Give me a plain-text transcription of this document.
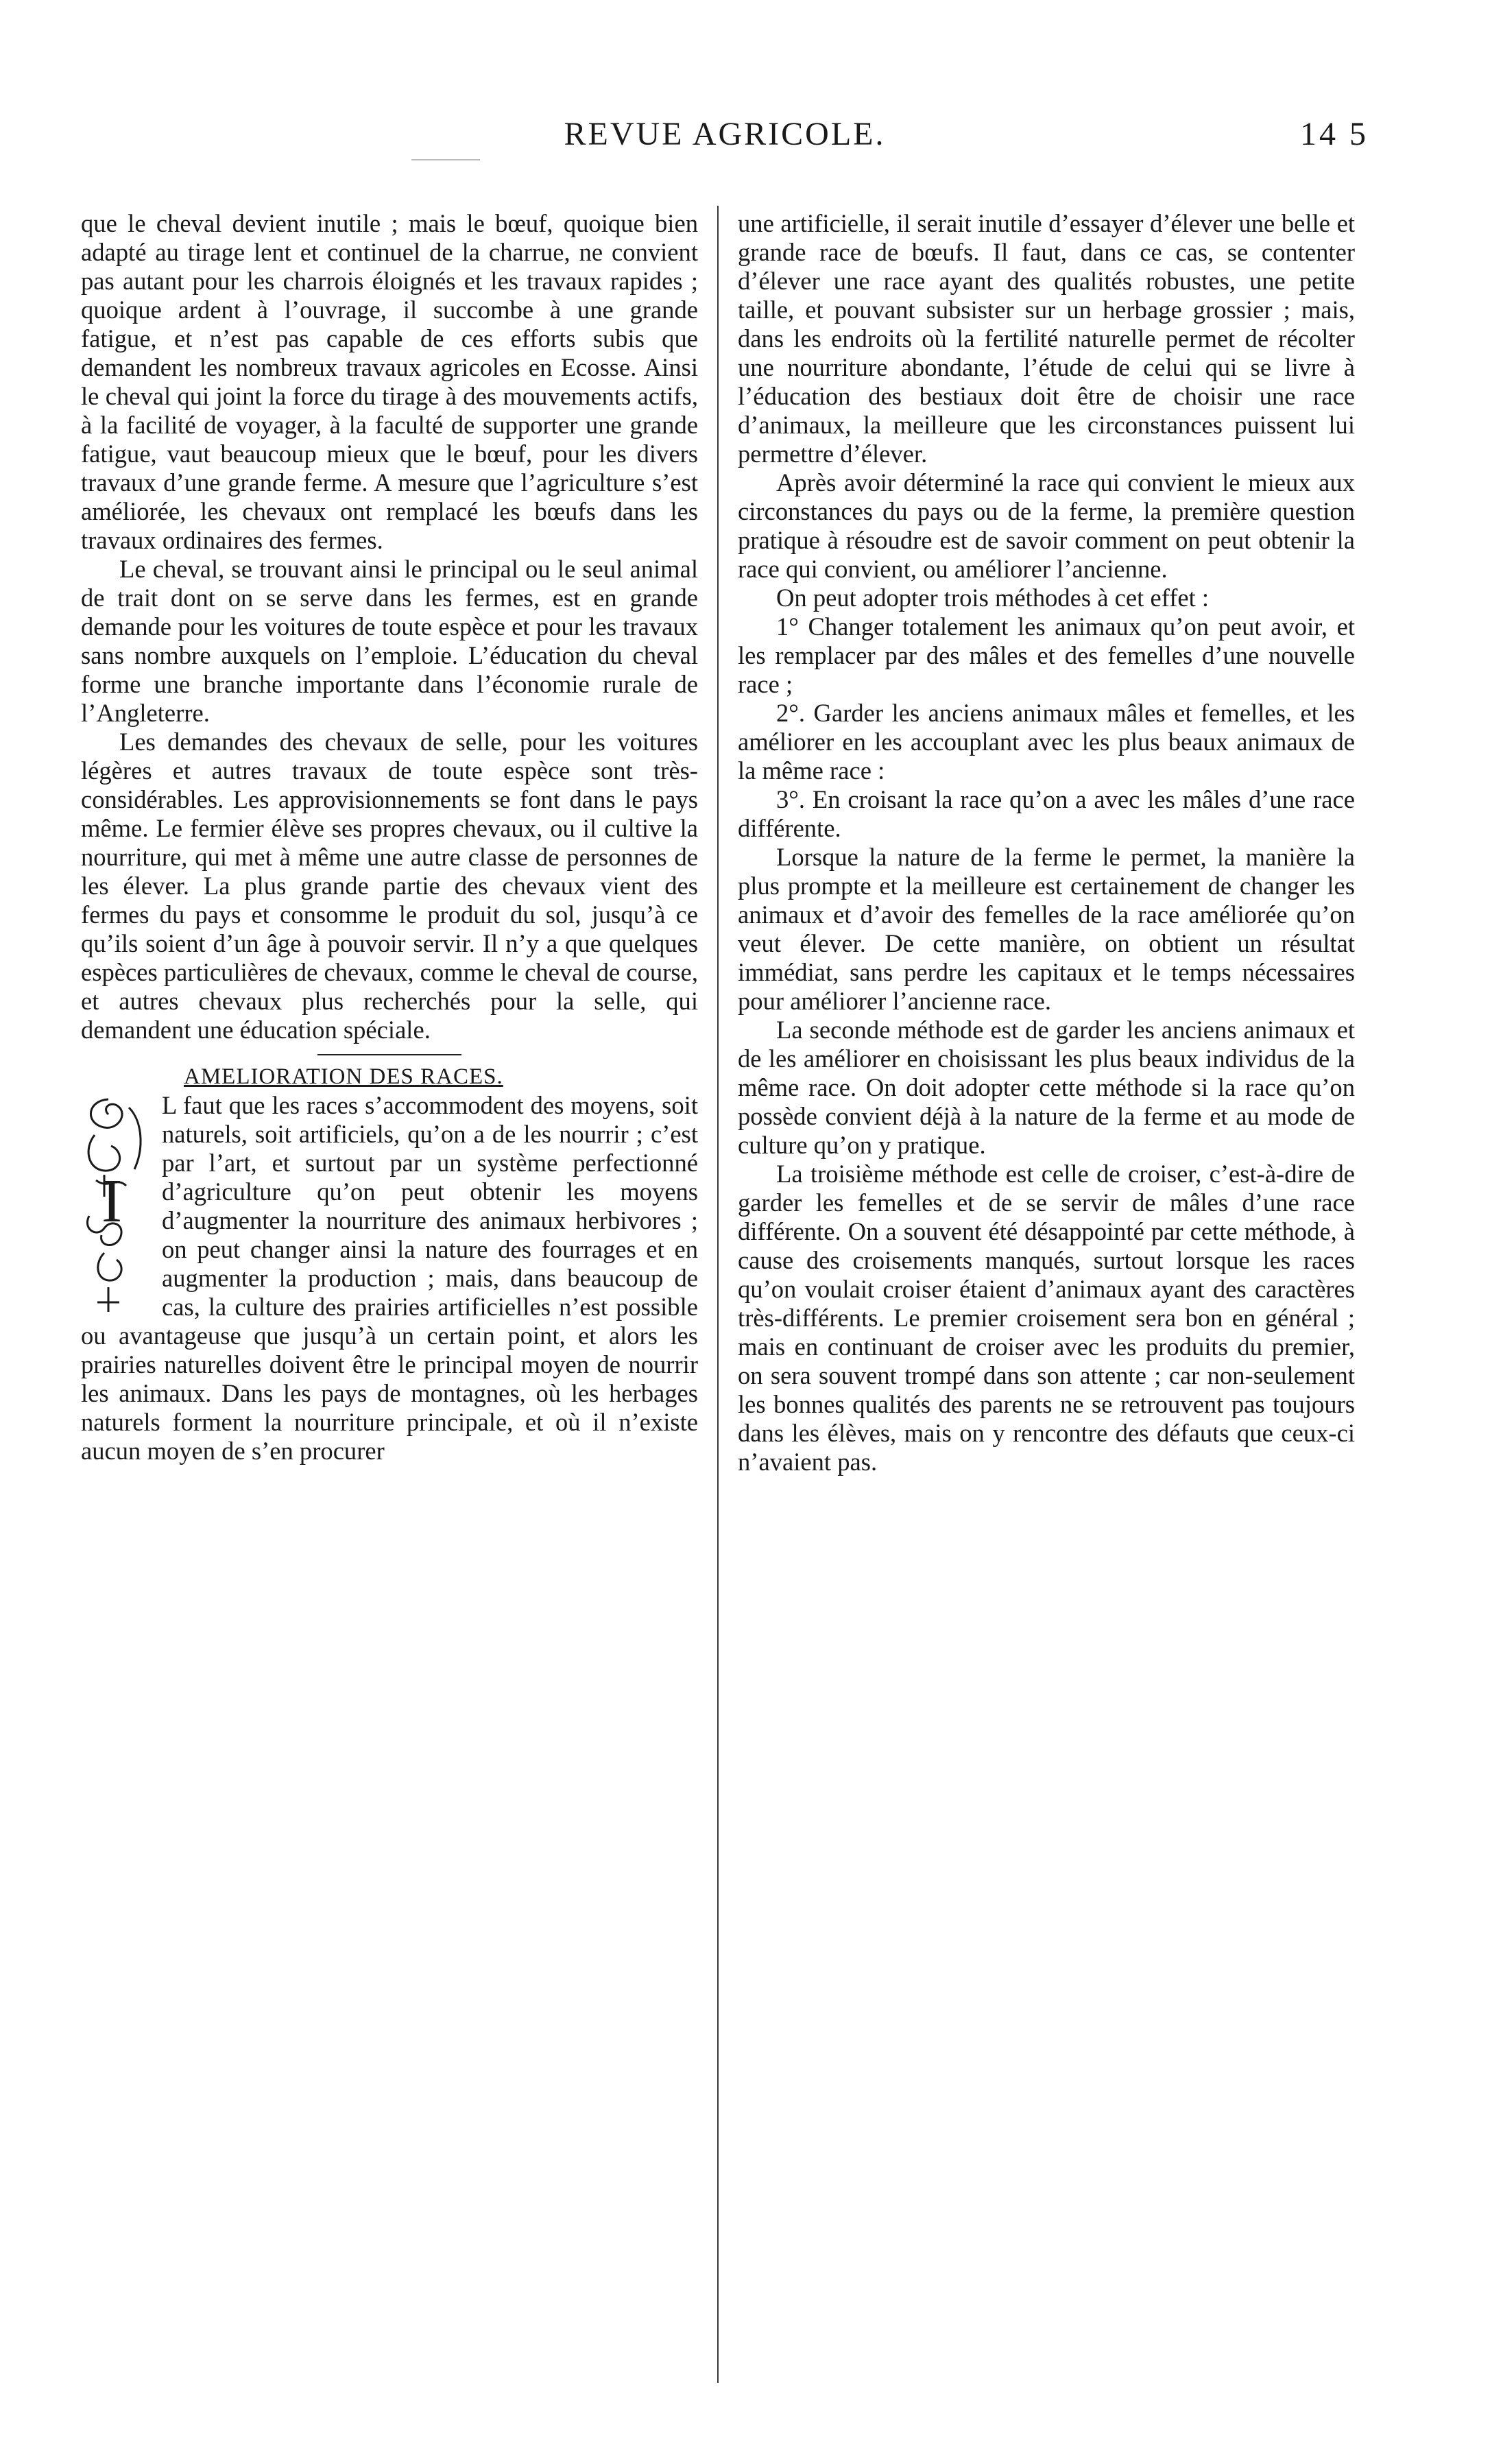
REVUE AGRICOLE.	14 5

que le cheval devient inutile ; mais le bœuf, quoique bien adapté au tirage lent et continuel de la charrue, ne convient pas autant pour les charrois éloignés et les travaux rapides ; quoique ardent à l’ouvrage, il succombe à une grande fatigue, et n’est pas capable de ces efforts subis que demandent les nombreux travaux agricoles en Ecosse. Ainsi le cheval qui joint la force du tirage à des mouvements actifs, à la facilité de voyager, à la faculté de supporter une grande fatigue, vaut beaucoup mieux que le bœuf, pour les divers travaux d’une grande ferme. A mesure que l’agriculture s’est améliorée, les chevaux ont remplacé les bœufs dans les travaux ordinaires des fermes.

Le cheval, se trouvant ainsi le principal ou le seul animal de trait dont on se serve dans les fermes, est en grande demande pour les voitures de toute espèce et pour les travaux sans nombre auxquels on l’emploie. L’éducation du cheval forme une branche importante dans l’économie rurale de l’Angleterre.

Les demandes des chevaux de selle, pour les voitures légères et autres travaux de toute espèce sont très-considérables. Les approvisionnements se font dans le pays même. Le fermier élève ses propres chevaux, ou il cultive la nourriture, qui met à même une autre classe de personnes de les élever. La plus grande partie des chevaux vient des fermes du pays et consomme le produit du sol, jusqu’à ce qu’ils soient d’un âge à pouvoir servir. Il n’y a que quelques espèces particulières de chevaux, comme le cheval de course, et autres chevaux plus recherchés pour la selle, qui demandent une éducation spéciale.

AMELIORATION DES RACES.

I

L faut que les races s’accommodent des moyens, soit naturels, soit artificiels, qu’on a de les nourrir ; c’est par l’art, et surtout par un système perfectionné d’agriculture qu’on peut obtenir les moyens d’augmenter la nourriture des animaux herbivores ; on peut changer ainsi la nature des fourrages et en augmenter la production ; mais, dans beaucoup de cas, la culture des prairies artificielles n’est possible ou avantageuse que jusqu’à un certain point, et alors les prairies naturelles doivent être le principal moyen de nourrir les animaux. Dans les pays de montagnes, où les herbages naturels forment la nourriture principale, et où il n’existe aucun moyen de s’en procurer

une artificielle, il serait inutile d’essayer d’élever une belle et grande race de bœufs. Il faut, dans ce cas, se contenter d’élever une race ayant des qualités robustes, une petite taille, et pouvant subsister sur un herbage grossier ; mais, dans les endroits où la fertilité naturelle permet de récolter une nourriture abondante, l’étude de celui qui se livre à l’éducation des bestiaux doit être de choisir une race d’animaux, la meilleure que les circonstances puissent lui permettre d’élever.

Après avoir déterminé la race qui convient le mieux aux circonstances du pays ou de la ferme, la première question pratique à résoudre est de savoir comment on peut obtenir la race qui convient, ou améliorer l’ancienne.

On peut adopter trois méthodes à cet effet :

1° Changer totalement les animaux qu’on peut avoir, et les remplacer par des mâles et des femelles d’une nouvelle race ;

2°. Garder les anciens animaux mâles et femelles, et les améliorer en les accouplant avec les plus beaux animaux de la même race :

3°. En croisant la race qu’on a avec les mâles d’une race différente.

Lorsque la nature de la ferme le permet, la manière la plus prompte et la meilleure est certainement de changer les animaux et d’avoir des femelles de la race améliorée qu’on veut élever. De cette manière, on obtient un résultat immédiat, sans perdre les capitaux et le temps nécessaires pour améliorer l’ancienne race.

La seconde méthode est de garder les anciens animaux et de les améliorer en choisissant les plus beaux individus de la même race. On doit adopter cette méthode si la race qu’on possède convient déjà à la nature de la ferme et au mode de culture qu’on y pratique.

La troisième méthode est celle de croiser, c’est-à-dire de garder les femelles et de se servir de mâles d’une race différente. On a souvent été désappointé par cette méthode, à cause des croisements manqués, surtout lorsque les races qu’on voulait croiser étaient d’animaux ayant des caractères très-différents. Le premier croisement sera bon en général ; mais en continuant de croiser avec les produits du premier, on sera souvent trompé dans son attente ; car non-seulement les bonnes qualités des parents ne se retrouvent pas toujours dans les élèves, mais on y rencontre des défauts que ceux-ci n’avaient pas.
